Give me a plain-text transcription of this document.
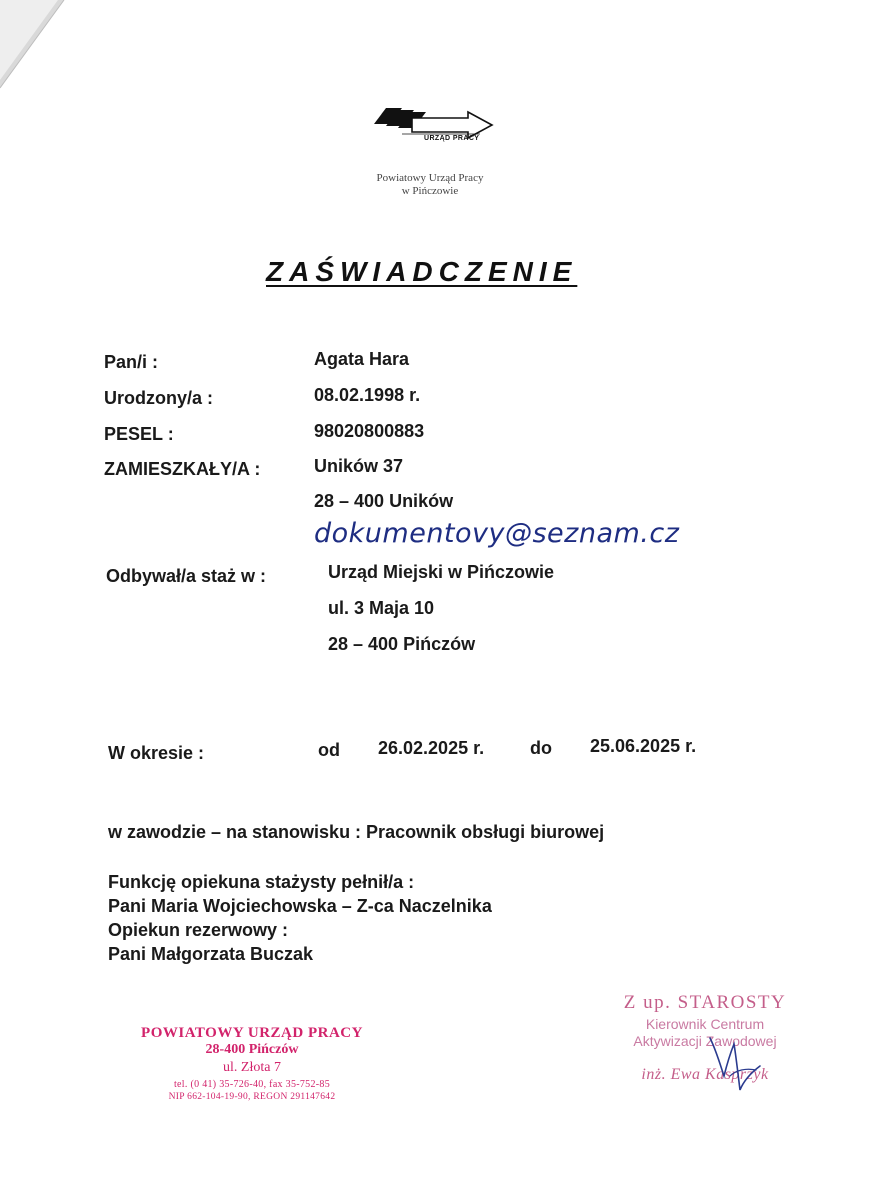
URZĄD PRACY
Powiatowy Urząd Pracy
w Pińczowie
ZAŚWIADCZENIE
Pan/i :	Agata Hara
Urodzony/a :	08.02.1998 r.
PESEL :	98020800883
ZAMIESZKAŁY/A :	Uników 37
28 – 400 Uników
dokumentovy@seznam.cz
Odbywał/a staż w :	Urząd Miejski w Pińczowie
ul. 3 Maja 10
28 – 400 Pińczów
W okresie :	od 26.02.2025 r.	do 25.06.2025 r.
w zawodzie – na stanowisku : Pracownik obsługi biurowej
Funkcję opiekuna stażysty pełnił/a :
Pani Maria Wojciechowska – Z-ca Naczelnika
Opiekun rezerwowy :
Pani Małgorzata Buczak
POWIATOWY URZĄD PRACY
28-400 Pińczów
ul. Złota 7
tel. (0 41) 35-726-40, fax 35-752-85
NIP 662-104-19-90, REGON 291147642
Z up. STAROSTY
Kierownik Centrum
Aktywizacji Zawodowej
inż. Ewa Kasprzyk
